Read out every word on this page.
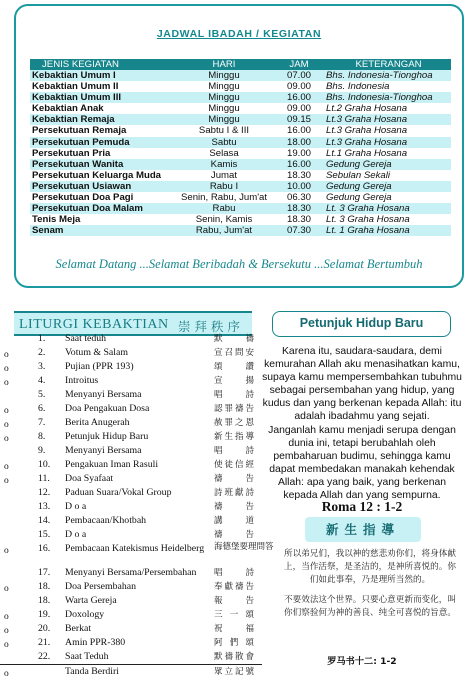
JADWAL IBADAH / KEGIATAN
JENIS KEGIATAN	HARI	JAM	KETERANGAN
Kebaktian Umum I	Minggu	07.00	Bhs. Indonesia-Tionghoa
Kebaktian Umum II	Minggu	09.00	Bhs. Indonesia
Kebaktian Umum III	Minggu	16.00	Bhs. Indonesia-Tionghoa
Kebaktian Anak	Minggu	09.00	Lt.2 Graha Hosana
Kebaktian Remaja	Minggu	09.15	Lt.3 Graha Hosana
Persekutuan Remaja	Sabtu I & III	16.00	Lt.3 Graha Hosana
Persekutuan Pemuda	Sabtu	18.00	Lt.3 Graha Hosana
Persekutuan Pria	Selasa	19.00	Lt.1 Graha Hosana
Persekutuan Wanita	Kamis	16.00	Gedung Gereja
Persekutuan Keluarga Muda	Jumat	18.30	Sebulan Sekali
Persekutuan Usiawan	Rabu I	10.00	Gedung Gereja
Persekutuan Doa Pagi	Senin, Rabu, Jum'at	06.30	Gedung Gereja
Persekutuan Doa Malam	Rabu	18.30	Lt. 3 Graha Hosana
Tenis Meja	Senin, Kamis	18.30	Lt. 3 Graha Hosana
Senam	Rabu, Jum'at	07.30	Lt. 1 Graha Hosana
Selamat Datang ...Selamat Beribadah & Bersekutu ...Selamat Bertumbuh
LITURGI KEBAKTIAN 崇拜秩序
1. Saat teduh	默禱
o	2. Votum & Salam	宣召問安
o	3. Pujian (PPR 193)	頌讚
o	4. Introitus	宣揚
5. Menyanyi Bersama	唱詩
o	6. Doa Pengakuan Dosa	認罪禱告
o	7. Berita Anugerah	赦罪之恩
o	8. Petunjuk Hidup Baru	新生指導
9. Menyanyi Bersama	唱詩
o	10. Pengakuan Iman Rasuli	使徒信經
o	11. Doa Syafaat	禱告
12. Paduan Suara/Vokal Group	詩班獻詩
13. D o a	禱告
14. Pembacaan/Khotbah	講道
15. D o a	禱告
o	16. Pembacaan Katekismus Heidelberg 海德堡要理問答
17. Menyanyi Bersama/Persembahan 唱詩
o	18. Doa Persembahan	奉獻禱告
18. Warta Gereja	報告
o	19. Doxology	三一頌
o	20. Berkat	祝福
o	21. Amin PPR-380	阿們頌
22. Saat Teduh	默禱散會
o	Tanda Berdiri	眾立記號
Petunjuk Hidup Baru

Karena itu, saudara-saudara, demi kemurahan Allah aku menasihatkan kamu, supaya kamu mempersembahkan tubuhmu sebagai persembahan yang hidup, yang kudus dan yang berkenan kepada Allah: itu adalah ibadahmu yang sejati.

Janganlah kamu menjadi serupa dengan dunia ini, tetapi berubahlah oleh pembaharuan budimu, sehingga kamu dapat membedakan manakah kehendak Allah: apa yang baik, yang berkenan kepada Allah dan yang sempurna.

Roma 12 : 1-2
新生指導

所以弟兄们，我以神的慈悲劝你们，将身体献上，当作活祭，是圣洁的，是神所喜悦的。你们如此事奉，乃是理所当然的。

不要效法这个世界。只要心意更新而变化，叫你们察验何为神的善良、纯全可喜悦的旨意。

罗马书十二: 1-2
